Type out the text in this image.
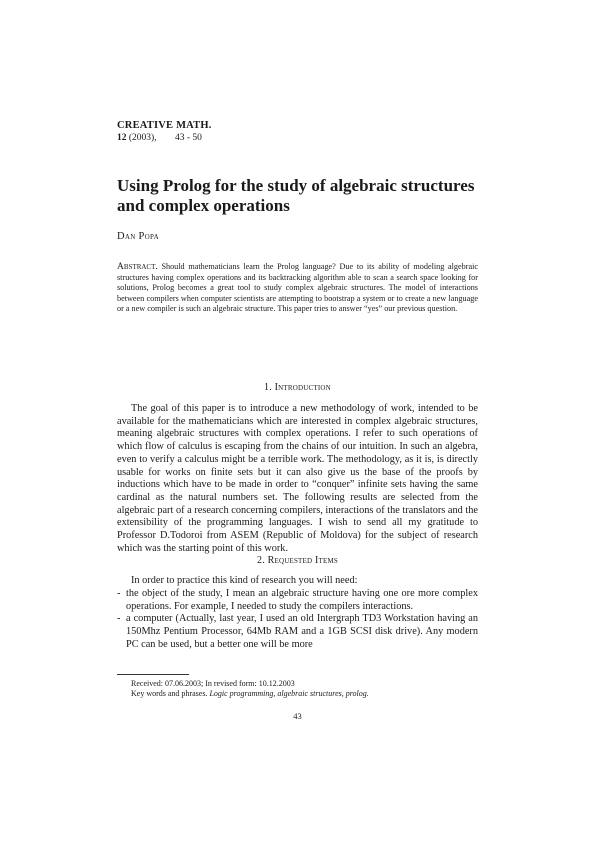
CREATIVE MATH.
12 (2003), 43 - 50
Using Prolog for the study of algebraic structures and complex operations
Dan Popa
Abstract. Should mathematicians learn the Prolog language? Due to its ability of modeling algebraic structures having complex operations and its backtracking algorithm able to scan a search space looking for solutions, Prolog becomes a great tool to study complex algebraic structures. The model of interactions between compilers when computer scientists are attempting to bootstrap a system or to create a new language or a new compiler is such an algebraic structure. This paper tries to answer “yes” our previous question.
1. Introduction
The goal of this paper is to introduce a new methodology of work, intended to be available for the mathematicians which are interested in complex algebraic structures, meaning algebraic structures with complex operations. I refer to such operations of which flow of calculus is escaping from the chains of our intuition. In such an algebra, even to verify a calculus might be a terrible work. The methodology, as it is, is directly usable for works on finite sets but it can also give us the base of the proofs by inductions which have to be made in order to “conquer” infinite sets having the same cardinal as the natural numbers set. The following results are selected from the algebraic part of a research concerning compilers, interactions of the translators and the extensibility of the programming languages. I wish to send all my gratitude to Professor D.Todoroi from ASEM (Republic of Moldova) for the subject of research which was the starting point of this work.
2. Requested Items
In order to practice this kind of research you will need:
- the object of the study, I mean an algebraic structure having one ore more complex operations. For example, I needed to study the compilers interactions.
- a computer (Actually, last year, I used an old Intergraph TD3 Workstation having an 150Mhz Pentium Processor, 64Mb RAM and a 1GB SCSI disk drive). Any modern PC can be used, but a better one will be more
Received: 07.06.2003; In revised form: 10.12.2003
Key words and phrases. Logic programming, algebraic structures, prolog.
43
